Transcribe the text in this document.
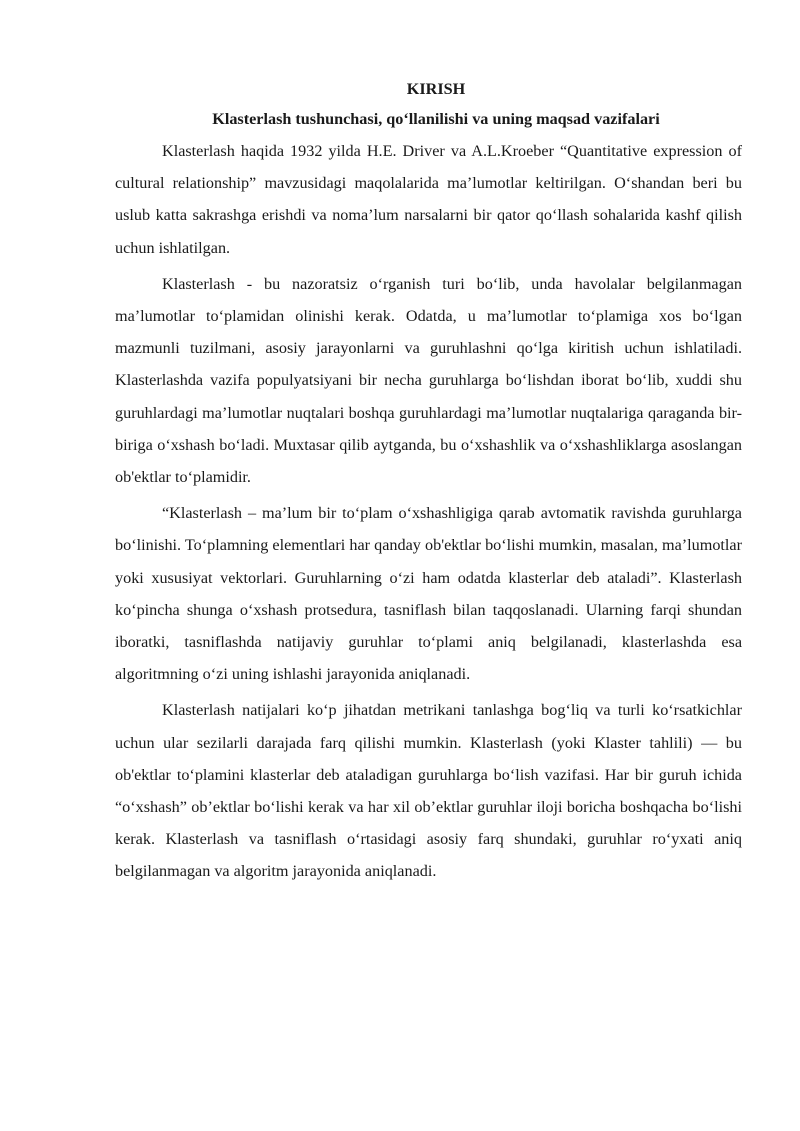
KIRISH

Klasterlash tushunchasi, qoʻllanilishi va uning maqsad vazifalari

Klasterlash haqida 1932 yilda H.E. Driver va A.L.Kroeber “Quantitative expression of cultural relationship” mavzusidagi maqolalarida ma’lumotlar keltirilgan. Oʻshandan beri bu uslub katta sakrashga erishdi va noma’lum narsalarni bir qator qoʻllash sohalarida kashf qilish uchun ishlatilgan.

Klasterlash - bu nazoratsiz oʻrganish turi boʻlib, unda havolalar belgilanmagan ma’lumotlar toʻplamidan olinishi kerak. Odatda, u ma’lumotlar toʻplamiga xos boʻlgan mazmunli tuzilmani, asosiy jarayonlarni va guruhlashni qoʻlga kiritish uchun ishlatiladi. Klasterlashda vazifa populyatsiyani bir necha guruhlarga boʻlishdan iborat boʻlib, xuddi shu guruhlardagi ma’lumotlar nuqtalari boshqa guruhlardagi ma’lumotlar nuqtalariga qaraganda bir-biriga oʻxshash boʻladi. Muxtasar qilib aytganda, bu oʻxshashlik va oʻxshashliklarga asoslangan ob'ektlar toʻplamidir.

“Klasterlash – ma’lum bir toʻplam oʻxshashligiga qarab avtomatik ravishda guruhlarga boʻlinishi. Toʻplamning elementlari har qanday ob'ektlar boʻlishi mumkin, masalan, ma’lumotlar yoki xususiyat vektorlari. Guruhlarning oʻzi ham odatda klasterlar deb ataladi”. Klasterlash koʻpincha shunga oʻxshash protsedura, tasniflash bilan taqqoslanadi. Ularning farqi shundan iboratki, tasniflashda natijaviy guruhlar toʻplami aniq belgilanadi, klasterlashda esa algoritmning oʻzi uning ishlashi jarayonida aniqlanadi.

Klasterlash natijalari koʻp jihatdan metrikani tanlashga bogʻliq va turli koʻrsatkichlar uchun ular sezilarli darajada farq qilishi mumkin. Klasterlash (yoki Klaster tahlili) — bu ob'ektlar toʻplamini klasterlar deb ataladigan guruhlarga boʻlish vazifasi. Har bir guruh ichida “oʻxshash” ob’ektlar boʻlishi kerak va har xil ob’ektlar guruhlar iloji boricha boshqacha boʻlishi kerak. Klasterlash va tasniflash oʻrtasidagi asosiy farq shundaki, guruhlar roʻyxati aniq belgilanmagan va algoritm jarayonida aniqlanadi.
